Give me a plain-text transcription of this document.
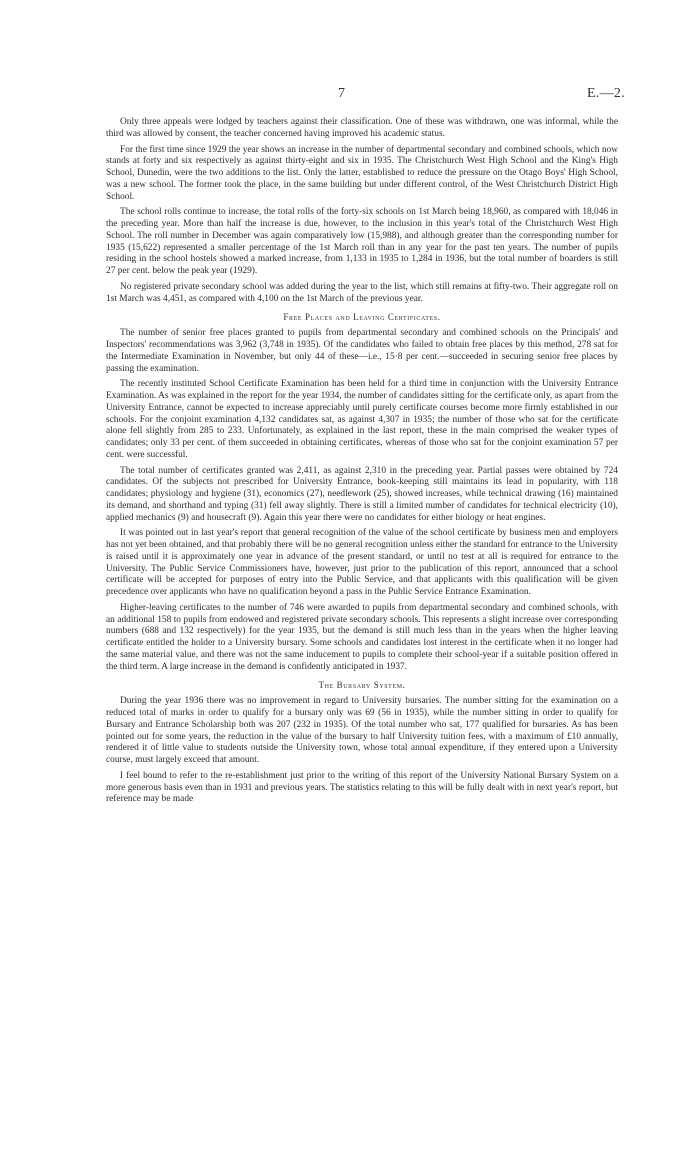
7	E.—2.

Only three appeals were lodged by teachers against their classification. One of these was withdrawn, one was informal, while the third was allowed by consent, the teacher concerned having improved his academic status.

For the first time since 1929 the year shows an increase in the number of departmental secondary and combined schools, which now stands at forty and six respectively as against thirty-eight and six in 1935. The Christchurch West High School and the King's High School, Dunedin, were the two additions to the list. Only the latter, established to reduce the pressure on the Otago Boys' High School, was a new school. The former took the place, in the same building but under different control, of the West Christchurch District High School.

The school rolls continue to increase, the total rolls of the forty-six schools on 1st March being 18,960, as compared with 18,046 in the preceding year. More than half the increase is due, however, to the inclusion in this year's total of the Christchurch West High School. The roll number in December was again comparatively low (15,988), and although greater than the corresponding number for 1935 (15,622) represented a smaller percentage of the 1st March roll than in any year for the past ten years. The number of pupils residing in the school hostels showed a marked increase, from 1,133 in 1935 to 1,284 in 1936, but the total number of boarders is still 27 per cent. below the peak year (1929).

No registered private secondary school was added during the year to the list, which still remains at fifty-two. Their aggregate roll on 1st March was 4,451, as compared with 4,100 on the 1st March of the previous year.

Free Places and Leaving Certificates.

The number of senior free places granted to pupils from departmental secondary and combined schools on the Principals' and Inspectors' recommendations was 3,962 (3,748 in 1935). Of the candidates who failed to obtain free places by this method, 278 sat for the Intermediate Examination in November, but only 44 of these—i.e., 15·8 per cent.—succeeded in securing senior free places by passing the examination.

The recently instituted School Certificate Examination has been held for a third time in conjunction with the University Entrance Examination. As was explained in the report for the year 1934, the number of candidates sitting for the certificate only, as apart from the University Entrance, cannot be expected to increase appreciably until purely certificate courses become more firmly established in our schools. For the conjoint examination 4,132 candidates sat, as against 4,307 in 1935; the number of those who sat for the certificate alone fell slightly from 285 to 233. Unfortunately, as explained in the last report, these in the main comprised the weaker types of candidates; only 33 per cent. of them succeeded in obtaining certificates, whereas of those who sat for the conjoint examination 57 per cent. were successful.

The total number of certificates granted was 2,411, as against 2,310 in the preceding year. Partial passes were obtained by 724 candidates. Of the subjects not prescribed for University Entrance, book-keeping still maintains its lead in popularity, with 118 candidates; physiology and hygiene (31), economics (27), needlework (25), showed increases, while technical drawing (16) maintained its demand, and shorthand and typing (31) fell away slightly. There is still a limited number of candidates for technical electricity (10), applied mechanics (9) and housecraft (9). Again this year there were no candidates for either biology or heat engines.

It was pointed out in last year's report that general recognition of the value of the school certificate by business men and employers has not yet been obtained, and that probably there will be no general recognition unless either the standard for entrance to the University is raised until it is approximately one year in advance of the present standard, or until no test at all is required for entrance to the University. The Public Service Commissioners have, however, just prior to the publication of this report, announced that a school certificate will be accepted for purposes of entry into the Public Service, and that applicants with this qualification will be given precedence over applicants who have no qualification beyond a pass in the Public Service Entrance Examination.

Higher-leaving certificates to the number of 746 were awarded to pupils from departmental secondary and combined schools, with an additional 158 to pupils from endowed and registered private secondary schools. This represents a slight increase over corresponding numbers (688 and 132 respectively) for the year 1935, but the demand is still much less than in the years when the higher leaving certificate entitled the holder to a University bursary. Some schools and candidates lost interest in the certificate when it no longer had the same material value, and there was not the same inducement to pupils to complete their school-year if a suitable position offered in the third term. A large increase in the demand is confidently anticipated in 1937.

The Bursary System.

During the year 1936 there was no improvement in regard to University bursaries. The number sitting for the examination on a reduced total of marks in order to qualify for a bursary only was 69 (56 in 1935), while the number sitting in order to qualify for Bursary and Entrance Scholarship both was 207 (232 in 1935). Of the total number who sat, 177 qualified for bursaries. As has been pointed out for some years, the reduction in the value of the bursary to half University tuition fees, with a maximum of £10 annually, rendered it of little value to students outside the University town, whose total annual expenditure, if they entered upon a University course, must largely exceed that amount.

I feel bound to refer to the re-establishment just prior to the writing of this report of the University National Bursary System on a more generous basis even than in 1931 and previous years. The statistics relating to this will be fully dealt with in next year's report, but reference may be made
